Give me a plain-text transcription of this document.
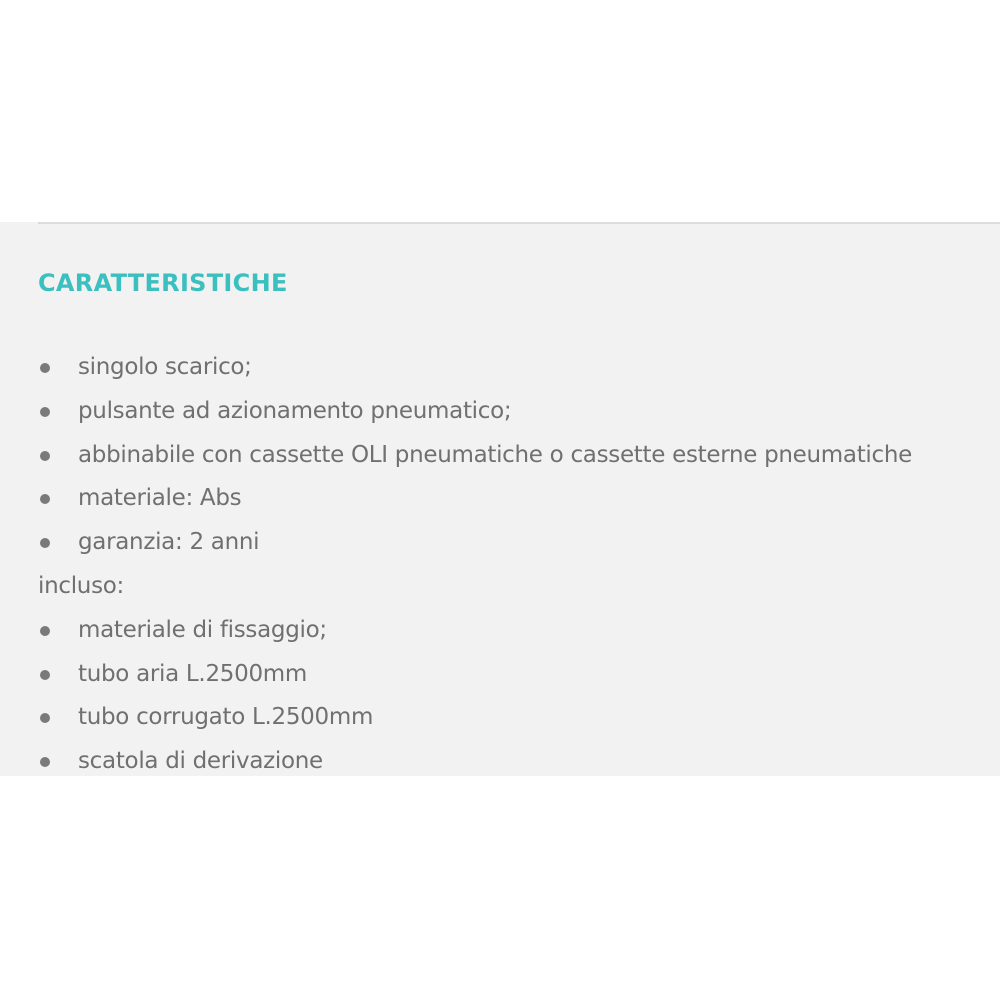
CARATTERISTICHE
singolo scarico;
pulsante ad azionamento pneumatico;
abbinabile con cassette OLI pneumatiche o cassette esterne pneumatiche
materiale: Abs
garanzia: 2 anni
incluso:
materiale di fissaggio;
tubo aria L.2500mm
tubo corrugato L.2500mm
scatola di derivazione
